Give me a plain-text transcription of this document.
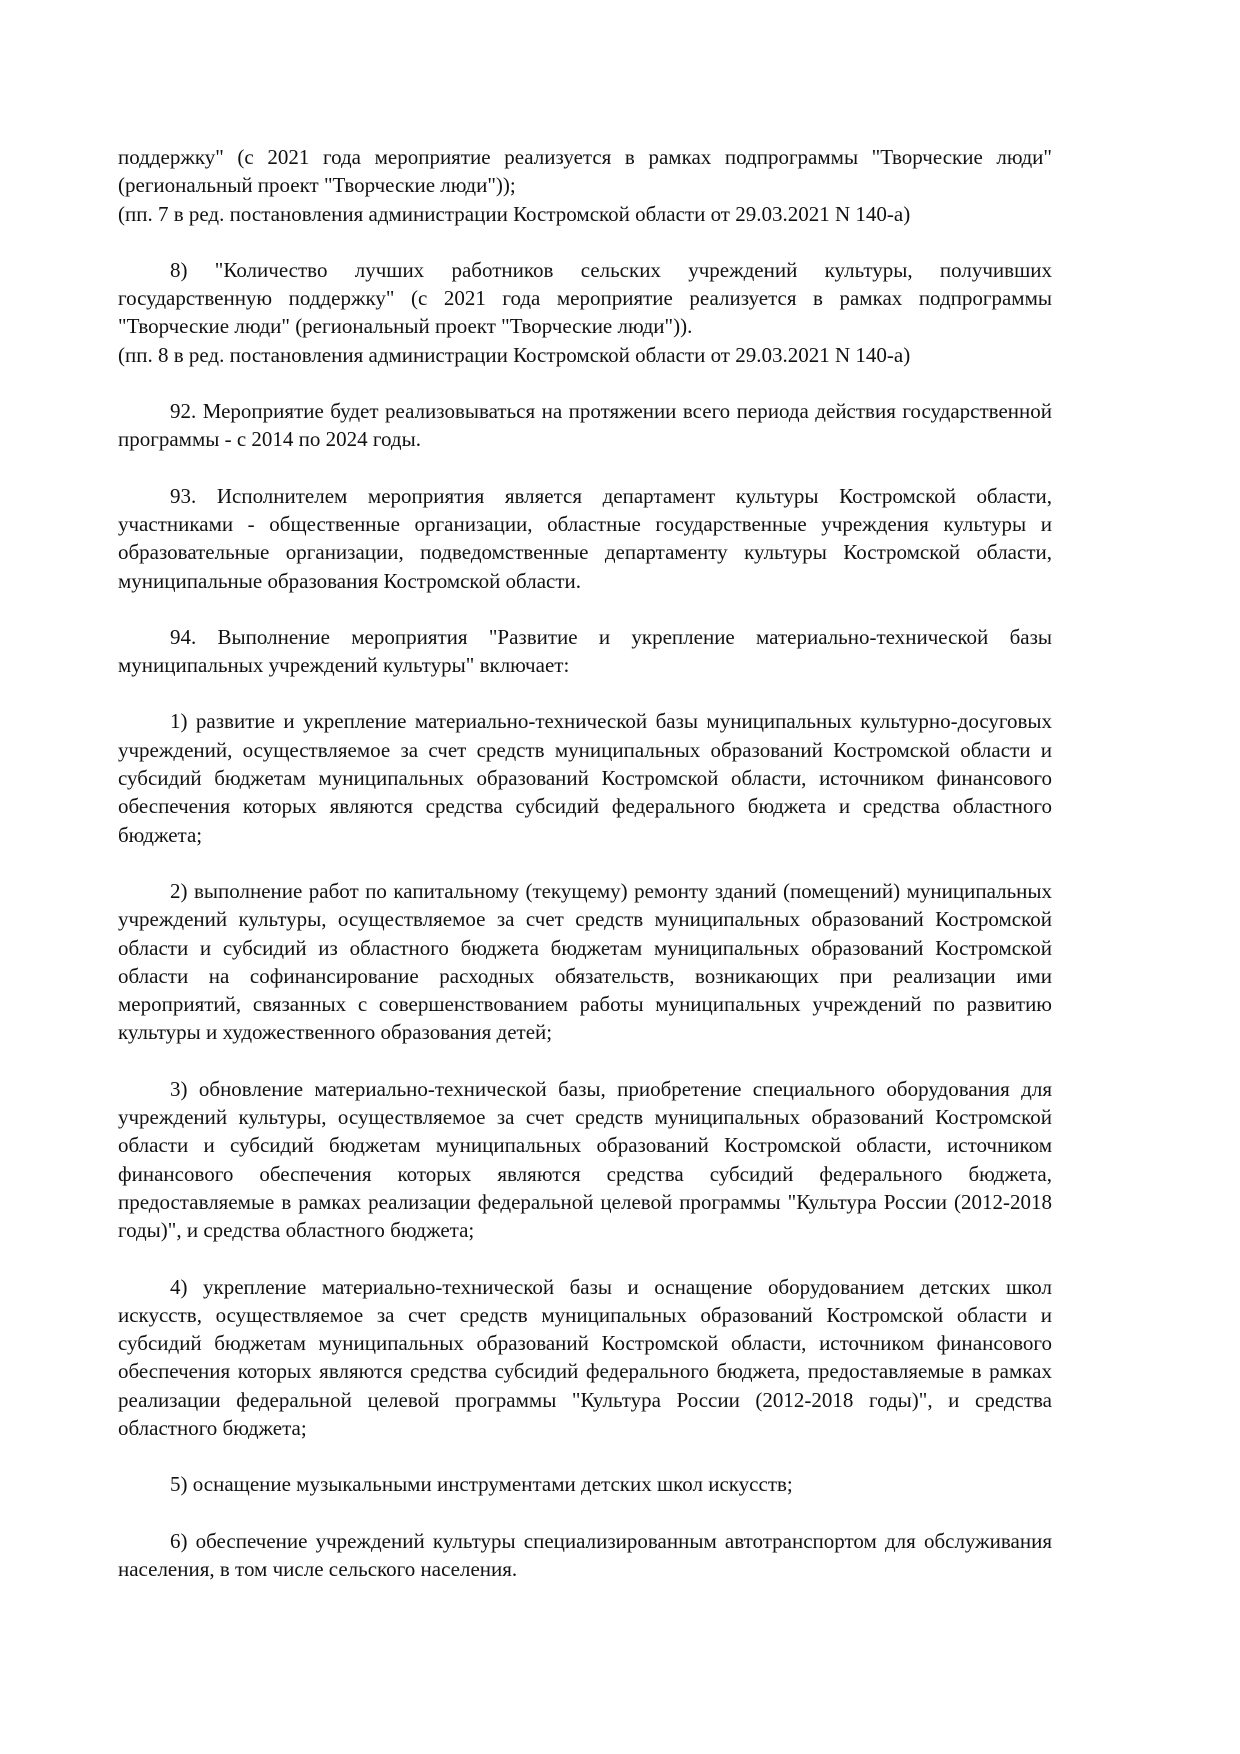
поддержку" (с 2021 года мероприятие реализуется в рамках подпрограммы "Творческие люди" (региональный проект "Творческие люди"));

(пп. 7 в ред. постановления администрации Костромской области от 29.03.2021 N 140-а)

8) "Количество лучших работников сельских учреждений культуры, получивших государственную поддержку" (с 2021 года мероприятие реализуется в рамках подпрограммы "Творческие люди" (региональный проект "Творческие люди")).

(пп. 8 в ред. постановления администрации Костромской области от 29.03.2021 N 140-а)

92. Мероприятие будет реализовываться на протяжении всего периода действия государственной программы - с 2014 по 2024 годы.

93. Исполнителем мероприятия является департамент культуры Костромской области, участниками - общественные организации, областные государственные учреждения культуры и образовательные организации, подведомственные департаменту культуры Костромской области, муниципальные образования Костромской области.

94. Выполнение мероприятия "Развитие и укрепление материально-технической базы муниципальных учреждений культуры" включает:

1) развитие и укрепление материально-технической базы муниципальных культурно-досуговых учреждений, осуществляемое за счет средств муниципальных образований Костромской области и субсидий бюджетам муниципальных образований Костромской области, источником финансового обеспечения которых являются средства субсидий федерального бюджета и средства областного бюджета;

2) выполнение работ по капитальному (текущему) ремонту зданий (помещений) муниципальных учреждений культуры, осуществляемое за счет средств муниципальных образований Костромской области и субсидий из областного бюджета бюджетам муниципальных образований Костромской области на софинансирование расходных обязательств, возникающих при реализации ими мероприятий, связанных с совершенствованием работы муниципальных учреждений по развитию культуры и художественного образования детей;

3) обновление материально-технической базы, приобретение специального оборудования для учреждений культуры, осуществляемое за счет средств муниципальных образований Костромской области и субсидий бюджетам муниципальных образований Костромской области, источником финансового обеспечения которых являются средства субсидий федерального бюджета, предоставляемые в рамках реализации федеральной целевой программы "Культура России (2012-2018 годы)", и средства областного бюджета;

4) укрепление материально-технической базы и оснащение оборудованием детских школ искусств, осуществляемое за счет средств муниципальных образований Костромской области и субсидий бюджетам муниципальных образований Костромской области, источником финансового обеспечения которых являются средства субсидий федерального бюджета, предоставляемые в рамках реализации федеральной целевой программы "Культура России (2012-2018 годы)", и средства областного бюджета;

5) оснащение музыкальными инструментами детских школ искусств;

6) обеспечение учреждений культуры специализированным автотранспортом для обслуживания населения, в том числе сельского населения.
